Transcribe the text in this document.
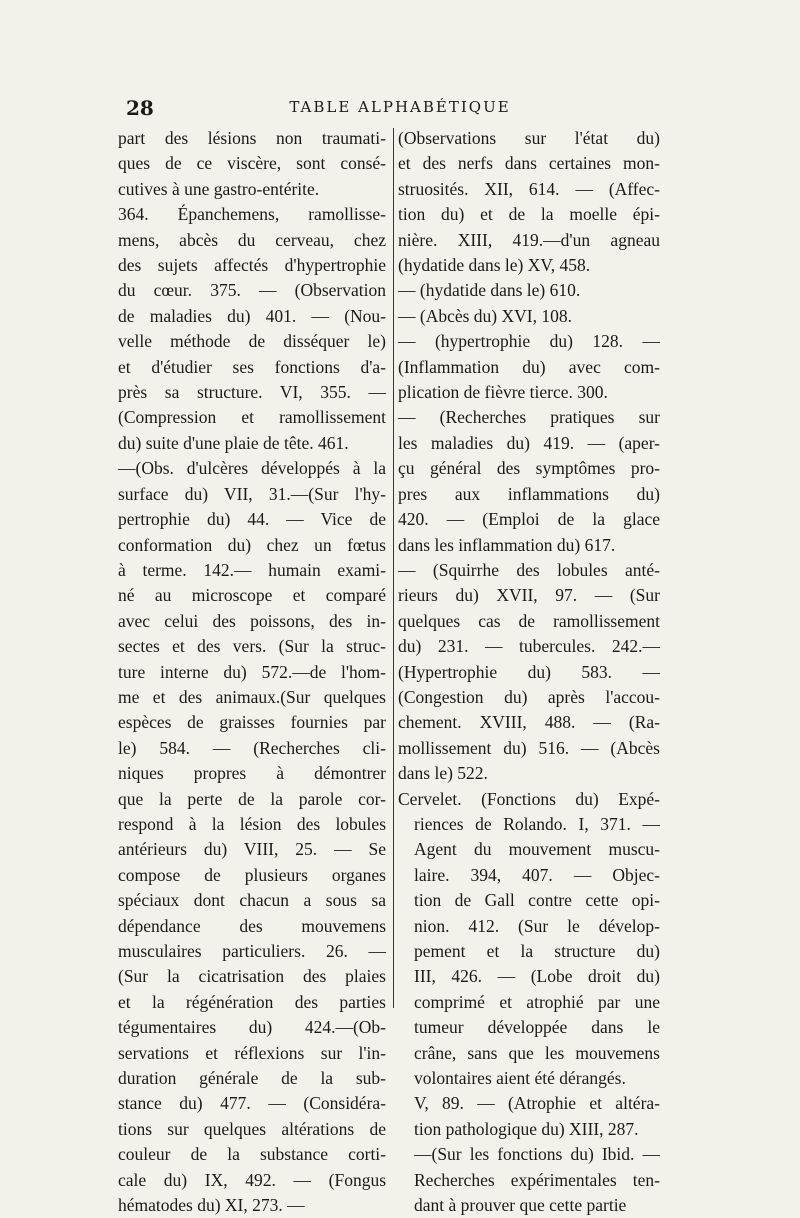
28	TABLE ALPHABÉTIQUE
part des lésions non traumati-
ques de ce viscère, sont consé-
cutives à une gastro-entérite.
364. Épanchemens, ramollisse-
mens, abcès du cerveau, chez
des sujets affectés d'hypertrophie
du cœur. 375. — (Observation
de maladies du) 401. — (Nou-
velle méthode de disséquer le)
et d'étudier ses fonctions d'a-
près sa structure. VI, 355. —
(Compression et ramollissement
du) suite d'une plaie de tête. 461.
—(Obs. d'ulcères développés à la
surface du) VII, 31.—(Sur l'hy-
pertrophie du) 44. — Vice de
conformation du) chez un fœtus
à terme. 142.— humain exami-
né au microscope et comparé
avec celui des poissons, des in-
sectes et des vers. (Sur la struc-
ture interne du) 572.—de l'hom-
me et des animaux.(Sur quelques
espèces de graisses fournies par
le) 584. — (Recherches cli-
niques propres à démontrer
que la perte de la parole cor-
respond à la lésion des lobules
antérieurs du) VIII, 25. — Se
compose de plusieurs organes
spéciaux dont chacun a sous sa
dépendance des mouvemens
musculaires particuliers. 26. —
(Sur la cicatrisation des plaies
et la régénération des parties
tégumentaires du) 424.—(Ob-
servations et réflexions sur l'in-
duration générale de la sub-
stance du) 477. — (Considéra-
tions sur quelques altérations de
couleur de la substance corti-
cale du) IX, 492. — (Fongus
hématodes du) XI, 273. —
(Observations sur l'état du)
et des nerfs dans certaines mon-
struosités. XII, 614. — (Affec-
tion du) et de la moelle épi-
nière. XIII, 419.—d'un agneau
(hydatide dans le) XV, 458.
— (hydatide dans le) 610.
— (Abcès du) XVI, 108.
— (hypertrophie du) 128. —
(Inflammation du) avec com-
plication de fièvre tierce. 300.
— (Recherches pratiques sur
les maladies du) 419. — (aper-
çu général des symptômes pro-
pres aux inflammations du)
420. — (Emploi de la glace
dans les inflammation du) 617.
— (Squirrhe des lobules anté-
rieurs du) XVII, 97. — (Sur
quelques cas de ramollissement
du) 231. — tubercules. 242.—
(Hypertrophie du) 583. —
(Congestion du) après l'accou-
chement. XVIII, 488. — (Ra-
mollissement du) 516. — (Abcès
dans le) 522.
Cervelet. (Fonctions du) Expé-
riences de Rolando. I, 371. —
Agent du mouvement muscu-
laire. 394, 407. — Objec-
tion de Gall contre cette opi-
nion. 412. (Sur le dévelop-
pement et la structure du)
III, 426. — (Lobe droit du)
comprimé et atrophié par une
tumeur développée dans le
crâne, sans que les mouvemens
volontaires aient été dérangés.
V, 89. — (Atrophie et altéra-
tion pathologique du) XIII, 287.
—(Sur les fonctions du) Ibid. —
Recherches expérimentales ten-
dant à prouver que cette partie
